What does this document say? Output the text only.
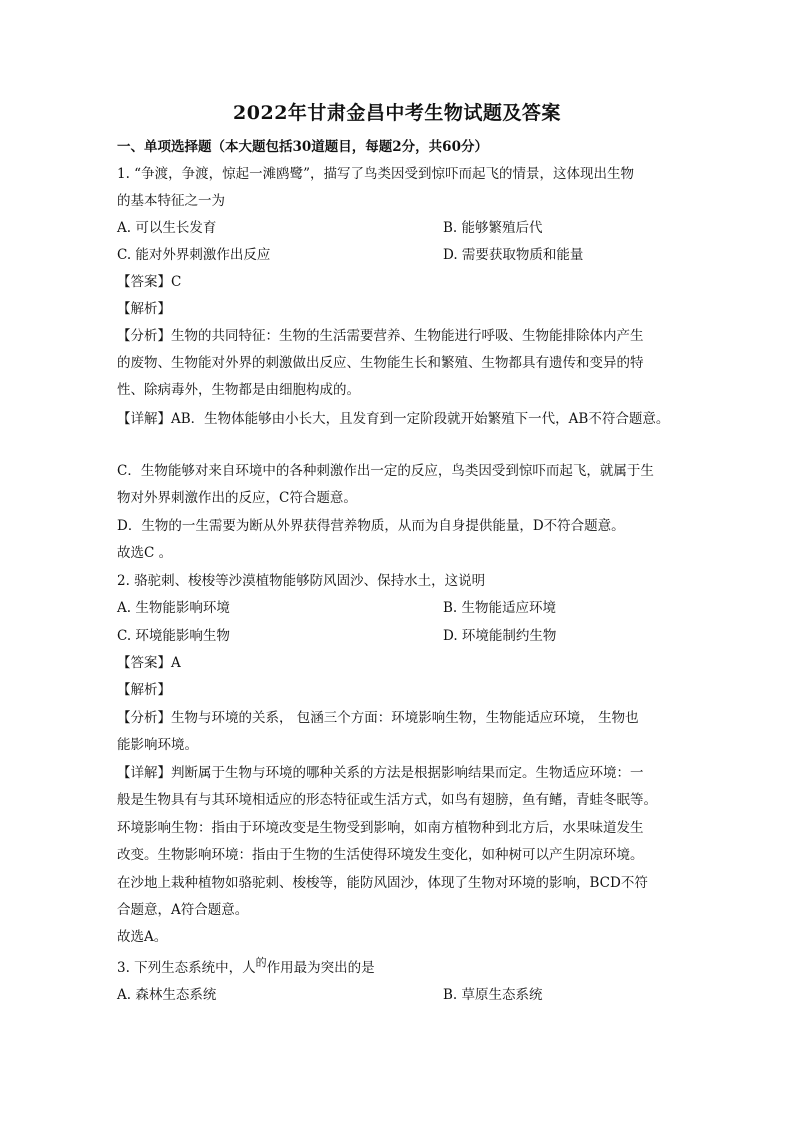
2022年甘肃金昌中考生物试题及答案
一、单项选择题（本大题包括30道题目，每题2分，共60分）
1. “争渡，争渡，惊起一滩鸥鹭”，描写了鸟类因受到惊吓而起飞的情景，这体现出生物
的基本特征之一为
A. 可以生长发育	B. 能够繁殖后代
C. 能对外界刺激作出反应	D. 需要获取物质和能量
【答案】C
【解析】
【分析】生物的共同特征：生物的生活需要营养、生物能进行呼吸、生物能排除体内产生
的废物、生物能对外界的刺激做出反应、生物能生长和繁殖、生物都具有遗传和变异的特
性、除病毒外，生物都是由细胞构成的。
【详解】AB．生物体能够由小长大，且发育到一定阶段就开始繁殖下一代，AB不符合题意。
C．生物能够对来自环境中的各种刺激作出一定的反应，鸟类因受到惊吓而起飞，就属于生
物对外界刺激作出的反应，C符合题意。
D．生物的一生需要为断从外界获得营养物质，从而为自身提供能量，D不符合题意。
故选C 。
2. 骆驼刺、梭梭等沙漠植物能够防风固沙、保持水土，这说明
A. 生物能影响环境	B. 生物能适应环境
C. 环境能影响生物	D. 环境能制约生物
【答案】A
【解析】
【分析】生物与环境的关系， 包涵三个方面：环境影响生物，生物能适应环境， 生物也
能影响环境。
【详解】判断属于生物与环境的哪种关系的方法是根据影响结果而定。生物适应环境：一
般是生物具有与其环境相适应的形态特征或生活方式，如鸟有翅膀，鱼有鳍，青蛙冬眠等。
环境影响生物：指由于环境改变是生物受到影响，如南方植物种到北方后，水果味道发生
改变。生物影响环境：指由于生物的生活使得环境发生变化，如种树可以产生阴凉环境。
在沙地上栽种植物如骆驼刺、梭梭等，能防风固沙，体现了生物对环境的影响，BCD不符
合题意，A符合题意。
故选A。
3. 下列生态系统中，人$^的$作用最为突出的是
A. 森林生态系统	B. 草原生态系统
